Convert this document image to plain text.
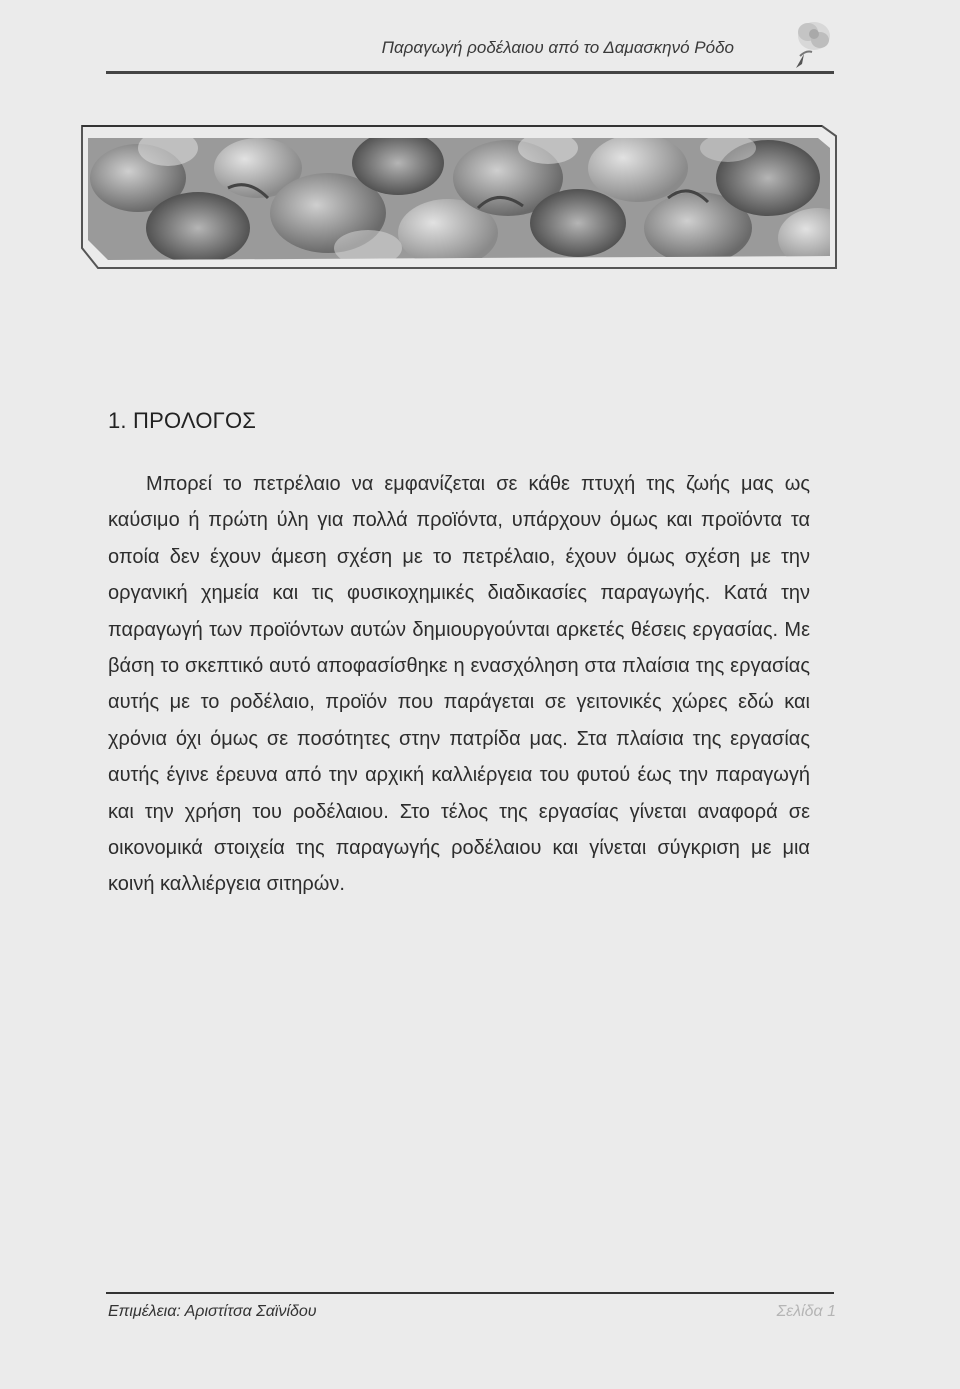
Παραγωγή ροδέλαιου από το Δαμασκηνό Ρόδο
1. ΠΡΟΛΟΓΟΣ

Μπορεί το πετρέλαιο να εμφανίζεται σε κάθε πτυχή της ζωής μας ως καύσιμο ή πρώτη ύλη για πολλά προϊόντα, υπάρχουν όμως και προϊόντα τα οποία δεν έχουν άμεση σχέση με το πετρέλαιο, έχουν όμως σχέση με την οργανική χημεία και τις φυσικοχημικές διαδικασίες παραγωγής. Κατά την παραγωγή των προϊόντων αυτών δημιουργούνται αρκετές θέσεις εργασίας. Με βάση το σκεπτικό αυτό αποφασίσθηκε η ενασχόληση στα πλαίσια της εργασίας αυτής με το ροδέλαιο, προϊόν που παράγεται σε γειτονικές χώρες εδώ και χρόνια όχι όμως σε ποσότητες στην πατρίδα μας. Στα πλαίσια της εργασίας αυτής έγινε έρευνα από την αρχική καλλιέργεια του φυτού έως την παραγωγή και την χρήση του ροδέλαιου. Στο τέλος της εργασίας γίνεται αναφορά σε οικονομικά στοιχεία της παραγωγής ροδέλαιου και γίνεται σύγκριση με μια κοινή καλλιέργεια σιτηρών.

Επιμέλεια: Αριστίτσα Σαϊνίδου	Σελίδα 1
